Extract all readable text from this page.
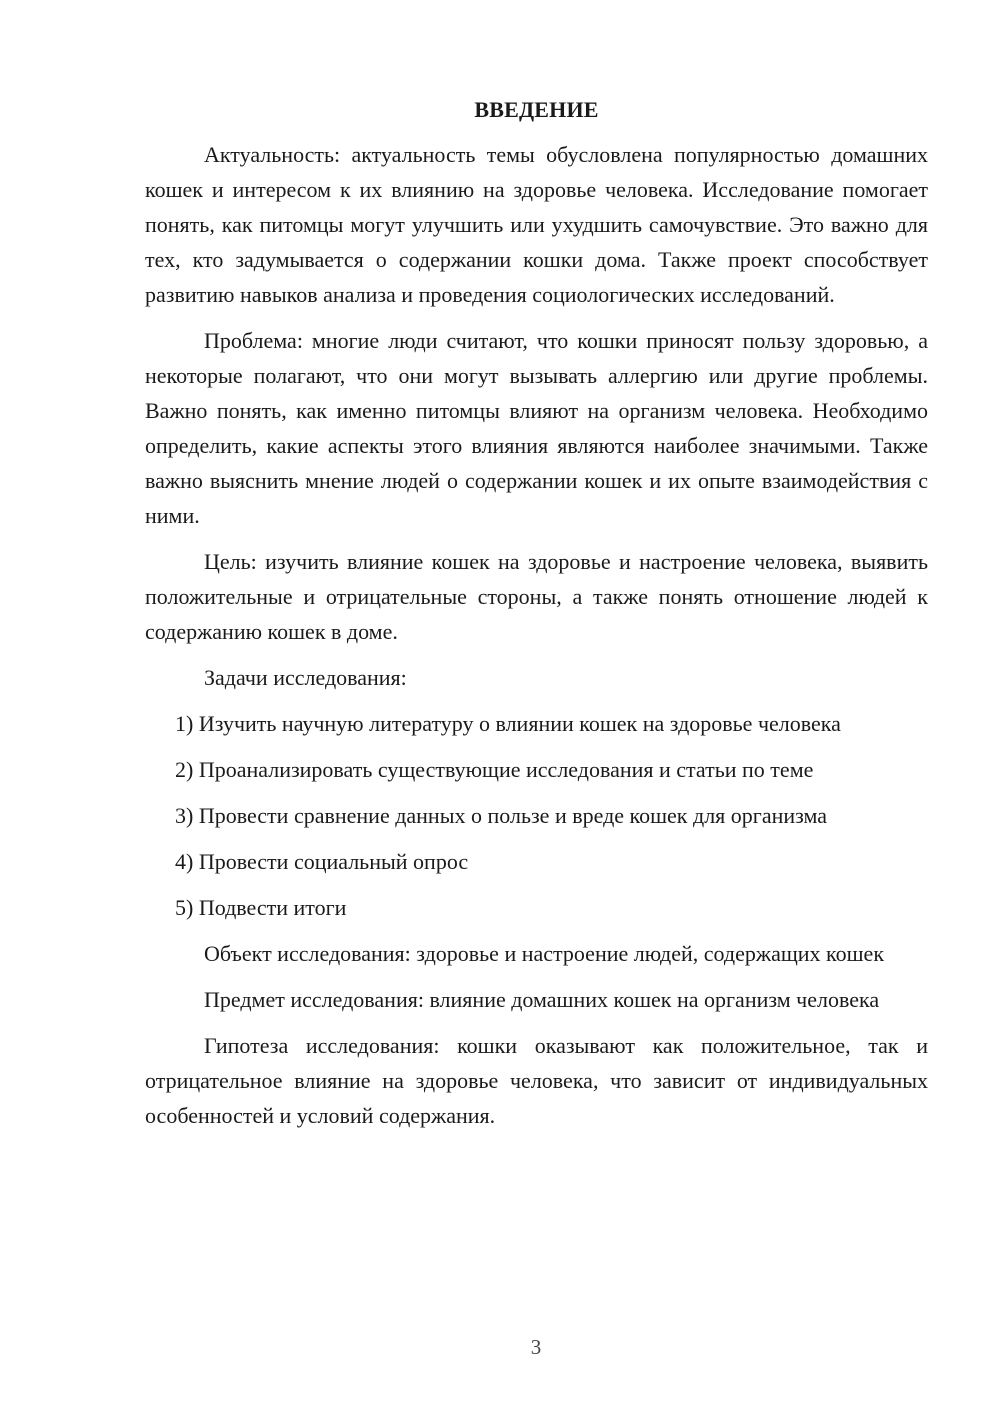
ВВЕДЕНИЕ

Актуальность: актуальность темы обусловлена популярностью домашних кошек и интересом к их влиянию на здоровье человека. Исследование помогает понять, как питомцы могут улучшить или ухудшить самочувствие. Это важно для тех, кто задумывается о содержании кошки дома. Также проект способствует развитию навыков анализа и проведения социологических исследований.

Проблема: многие люди считают, что кошки приносят пользу здоровью, а некоторые полагают, что они могут вызывать аллергию или другие проблемы. Важно понять, как именно питомцы влияют на организм человека. Необходимо определить, какие аспекты этого влияния являются наиболее значимыми. Также важно выяснить мнение людей о содержании кошек и их опыте взаимодействия с ними.

Цель: изучить влияние кошек на здоровье и настроение человека, выявить положительные и отрицательные стороны, а также понять отношение людей к содержанию кошек в доме.

Задачи исследования:

1) Изучить научную литературу о влиянии кошек на здоровье человека

2) Проанализировать существующие исследования и статьи по теме

3) Провести сравнение данных о пользе и вреде кошек для организма

4) Провести социальный опрос

5) Подвести итоги

Объект исследования: здоровье и настроение людей, содержащих кошек

Предмет исследования: влияние домашних кошек на организм человека

Гипотеза исследования: кошки оказывают как положительное, так и отрицательное влияние на здоровье человека, что зависит от индивидуальных особенностей и условий содержания.

3
